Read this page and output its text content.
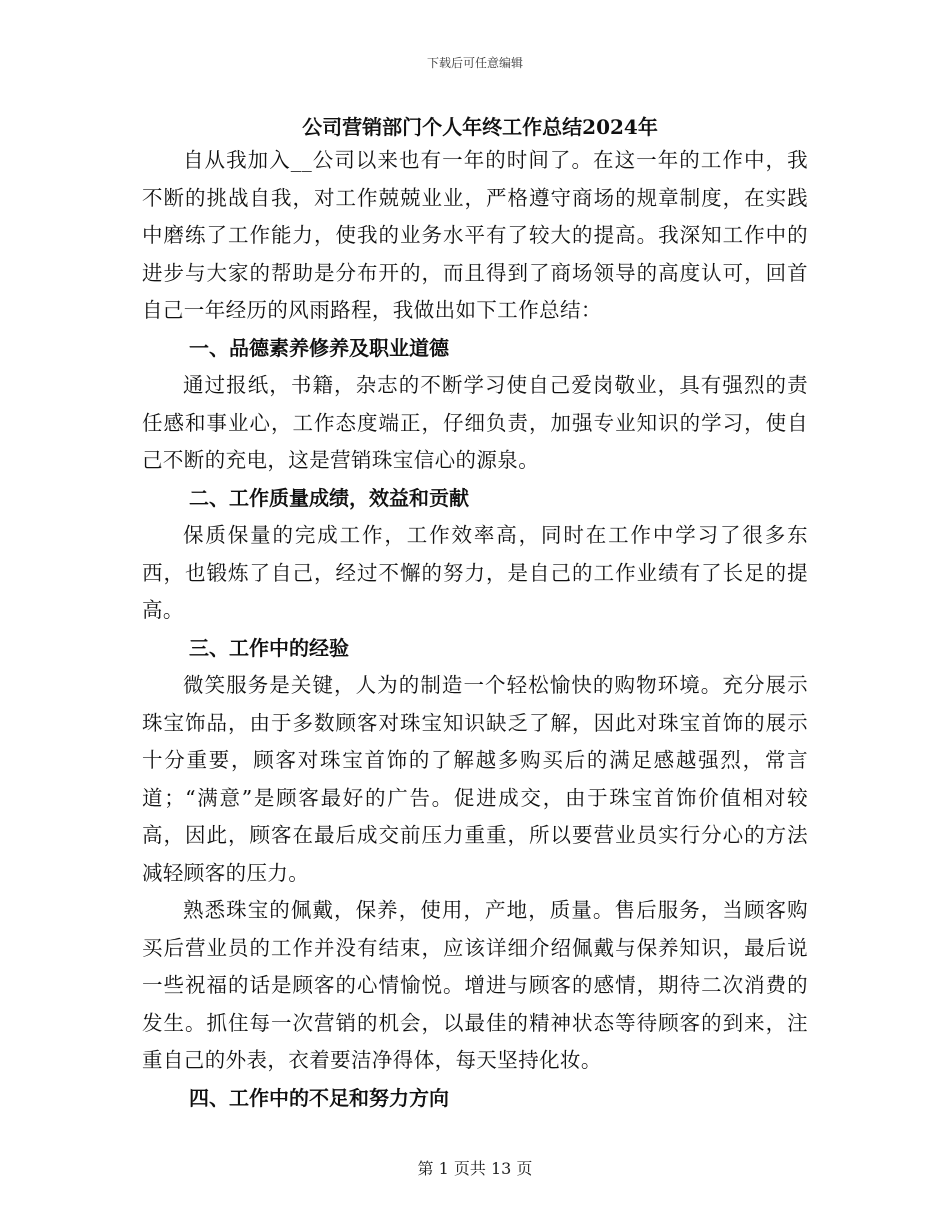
下载后可任意编辑

公司营销部门个人年终工作总结2024年

自从我加入__公司以来也有一年的时间了。在这一年的工作中，我不断的挑战自我，对工作兢兢业业，严格遵守商场的规章制度，在实践中磨练了工作能力，使我的业务水平有了较大的提高。我深知工作中的进步与大家的帮助是分布开的，而且得到了商场领导的高度认可，回首自己一年经历的风雨路程，我做出如下工作总结：

一、品德素养修养及职业道德

通过报纸，书籍，杂志的不断学习使自己爱岗敬业，具有强烈的责任感和事业心，工作态度端正，仔细负责，加强专业知识的学习，使自己不断的充电，这是营销珠宝信心的源泉。

二、工作质量成绩，效益和贡献

保质保量的完成工作，工作效率高，同时在工作中学习了很多东西，也锻炼了自己，经过不懈的努力，是自己的工作业绩有了长足的提高。

三、工作中的经验

微笑服务是关键，人为的制造一个轻松愉快的购物环境。充分展示珠宝饰品，由于多数顾客对珠宝知识缺乏了解，因此对珠宝首饰的展示十分重要，顾客对珠宝首饰的了解越多购买后的满足感越强烈，常言道；“满意”是顾客最好的广告。促进成交，由于珠宝首饰价值相对较高，因此，顾客在最后成交前压力重重，所以要营业员实行分心的方法减轻顾客的压力。

熟悉珠宝的佩戴，保养，使用，产地，质量。售后服务，当顾客购买后营业员的工作并没有结束，应该详细介绍佩戴与保养知识，最后说一些祝福的话是顾客的心情愉悦。增进与顾客的感情，期待二次消费的发生。抓住每一次营销的机会，以最佳的精神状态等待顾客的到来，注重自己的外表，衣着要洁净得体，每天坚持化妆。

四、工作中的不足和努力方向

第 1 页共 13 页
